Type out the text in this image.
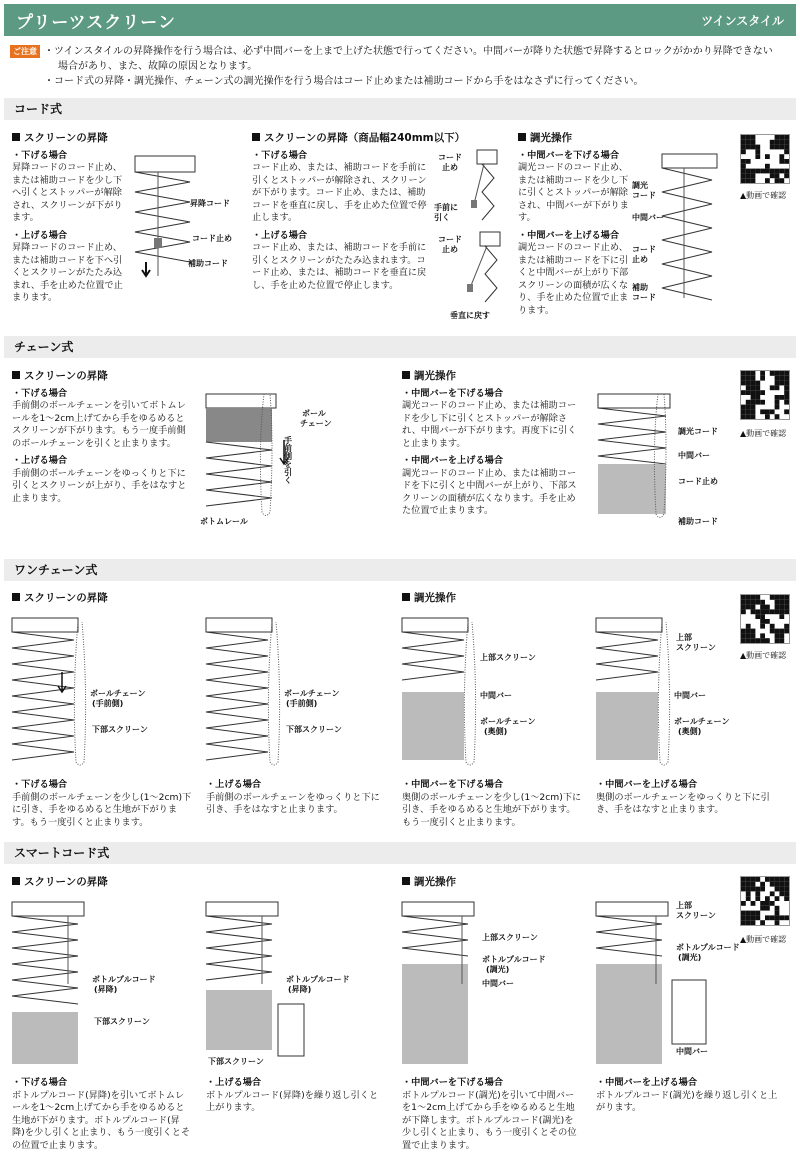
プリーツスクリーン	ツインスタイル
ご注意 ・ツインスタイルの昇降操作を行う場合は、必ず中間バーを上まで上げた状態で行ってください。中間バーが降りた状態で昇降するとロックがかかり昇降できない
場合があり、また、故障の原因となります。
・コード式の昇降・調光操作、チェーン式の調光操作を行う場合はコード止めまたは補助コードから手をはなさずに行ってください。
コード式
スクリーンの昇降
・下げる場合
昇降コードのコード止め、または補助コードを少し下へ引くとストッパーが解除され、スクリーンが下がります。
・上げる場合
昇降コードのコード止め、または補助コードを下へ引くとスクリーンがたたみ込まれ、手を止めた位置で止まります。
昇降コード
コード止め
補助コード
スクリーンの昇降（商品幅240mm以下）
・下げる場合
コード止め、または、補助コードを手前に引くとストッパーが解除され、スクリーンが下がります。コード止め、または、補助コードを垂直に戻し、手を止めた位置で停止します。
・上げる場合
コード止め、または、補助コードを手前に引くとスクリーンがたたみ込まれます。コード止め、または、補助コードを垂直に戻し、手を止めた位置で停止します。
コード
止め
手前に
引く
コード
止め
垂直に戻す
調光操作
・中間バーを下げる場合
調光コードのコード止め、または補助コードを少し下に引くとストッパーが解除され、中間バーが下がります。
・中間バーを上げる場合
調光コードのコード止め、または補助コードを下に引くと中間バーが上がり下部スクリーンの面積が広くなり、手を止めた位置で止まります。
調光
コード
中間バー
コード
止め
補助
コード
▲動画で確認
チェーン式
スクリーンの昇降
・下げる場合
手前側のボールチェーンを引いてボトムレールを1～2cm上げてから手をゆるめるとスクリーンが下がります。もう一度手前側のボールチェーンを引くと止まります。
・上げる場合
手前側のボールチェーンをゆっくりと下に引くとスクリーンが上がり、手をはなすと止まります。
ボール
チェーン
手前側を引く
ボトムレール
調光操作
・中間バーを下げる場合
調光コードのコード止め、または補助コードを少し下に引くとストッパーが解除され、中間バーが下がります。再度下に引くと止まります。
・中間バーを上げる場合
調光コードのコード止め、または補助コードを下に引くと中間バーが上がり、下部スクリーンの面積が広くなります。手を止めた位置で止まります。
調光コード
中間バー
コード止め
補助コード
▲動画で確認
ワンチェーン式
スクリーンの昇降	調光操作
ボールチェーン
(手前側)
下部スクリーン
ボールチェーン
(手前側)
下部スクリーン
上部スクリーン
中間バー
ボールチェーン
(奥側)
上部
スクリーン
中間バー
ボールチェーン
(奥側)
・下げる場合
手前側のボールチェーンを少し(1～2cm)下に引き、手をゆるめると生地が下がります。もう一度引くと止まります。
・上げる場合
手前側のボールチェーンをゆっくりと下に引き、手をはなすと止まります。
・中間バーを下げる場合
奥側のボールチェーンを少し(1～2cm)下に引き、手をゆるめると生地が下がります。もう一度引くと止まります。
・中間バーを上げる場合
奥側のボールチェーンをゆっくりと下に引き、手をはなすと止まります。
▲動画で確認
スマートコード式
スクリーンの昇降	調光操作
ボトルプルコード
(昇降)
下部スクリーン
ボトルプルコード
(昇降)
下部スクリーン
上部スクリーン
ボトルプルコード
(調光)
中間バー
上部
スクリーン
ボトルプルコード
(調光)
中間バー
・下げる場合
ボトルプルコード(昇降)を引いてボトムレールを1～2cm上げてから手をゆるめると生地が下がります。ボトルプルコード(昇降)を少し引くと止まり、もう一度引くとその位置で止まります。
・上げる場合
ボトルプルコード(昇降)を繰り返し引くと上がります。
・中間バーを下げる場合
ボトルプルコード(調光)を引いて中間バーを1～2cm上げてから手をゆるめると生地が下降します。ボトルプルコード(調光)を少し引くと止まり、もう一度引くとその位置で止まります。
・中間バーを上げる場合
ボトルプルコード(調光)を繰り返し引くと上がります。
▲動画で確認
